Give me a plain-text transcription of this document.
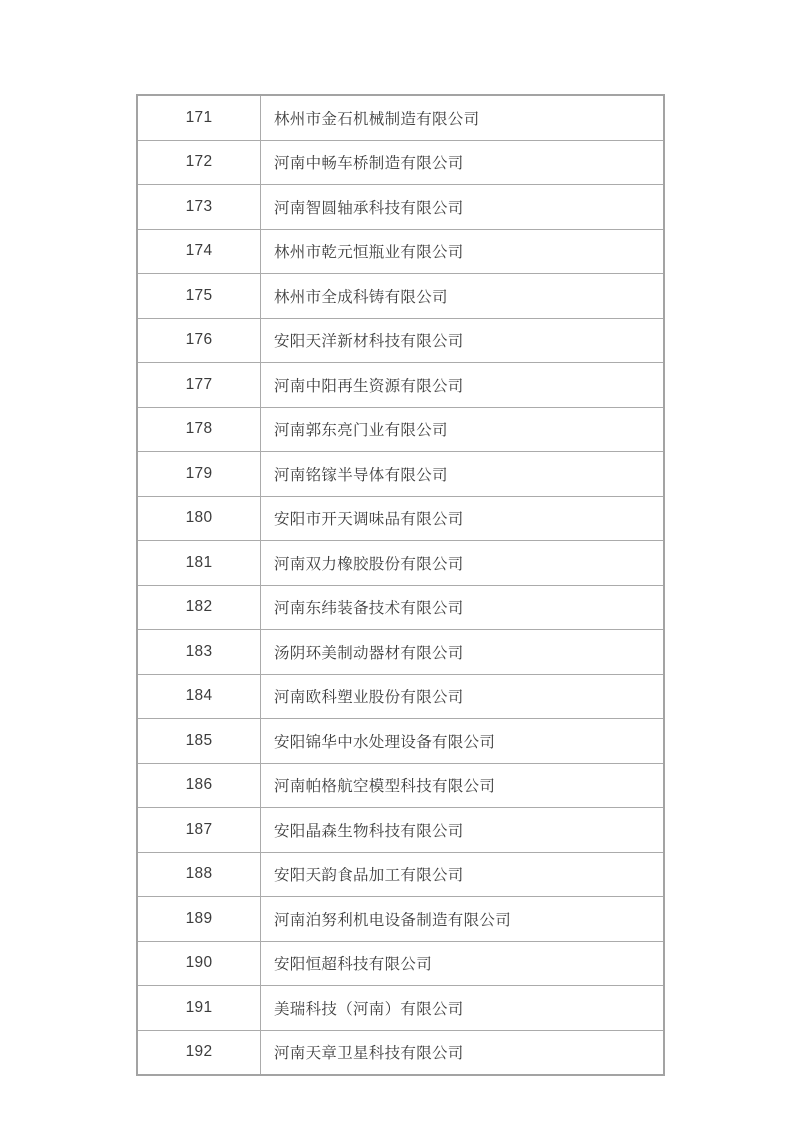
171	林州市金石机械制造有限公司
172	河南中畅车桥制造有限公司
173	河南智圆轴承科技有限公司
174	林州市乾元恒瓶业有限公司
175	林州市全成科铸有限公司
176	安阳天洋新材科技有限公司
177	河南中阳再生资源有限公司
178	河南郭东亮门业有限公司
179	河南铭镓半导体有限公司
180	安阳市开天调味品有限公司
181	河南双力橡胶股份有限公司
182	河南东纬装备技术有限公司
183	汤阴环美制动器材有限公司
184	河南欧科塑业股份有限公司
185	安阳锦华中水处理设备有限公司
186	河南帕格航空模型科技有限公司
187	安阳晶森生物科技有限公司
188	安阳天韵食品加工有限公司
189	河南泊努利机电设备制造有限公司
190	安阳恒超科技有限公司
191	美瑞科技（河南）有限公司
192	河南天章卫星科技有限公司
